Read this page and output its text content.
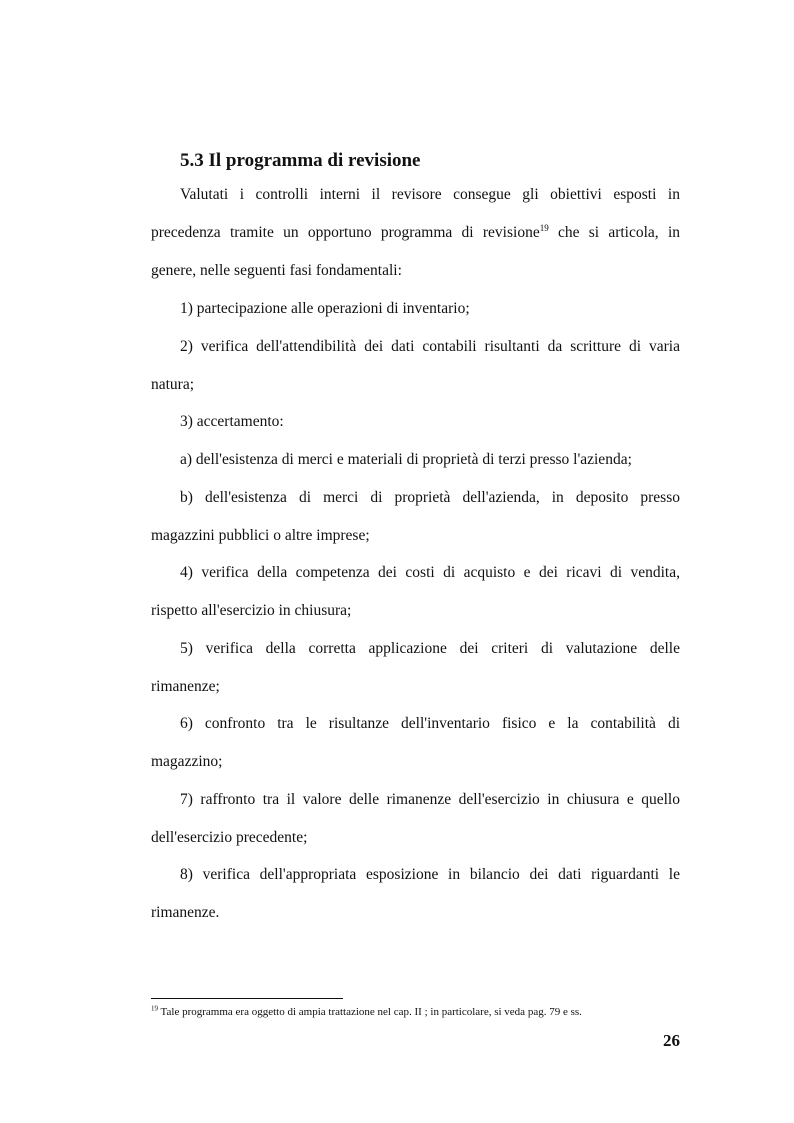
5.3 Il programma di revisione

Valutati i controlli interni il revisore consegue gli obiettivi esposti in

precedenza tramite un opportuno programma di revisione$^{19}$ che si articola, in

genere, nelle seguenti fasi fondamentali:

1) partecipazione alle operazioni di inventario;

2) verifica dell'attendibilità dei dati contabili risultanti da scritture di varia

natura;

3) accertamento:

a) dell'esistenza di merci e materiali di proprietà di terzi presso l'azienda;

b) dell'esistenza di merci di proprietà dell'azienda, in deposito presso

magazzini pubblici o altre imprese;

4) verifica della competenza dei costi di acquisto e dei ricavi di vendita,

rispetto all'esercizio in chiusura;

5) verifica della corretta applicazione dei criteri di valutazione delle

rimanenze;

6) confronto tra le risultanze dell'inventario fisico e la contabilità di

magazzino;

7) raffronto tra il valore delle rimanenze dell'esercizio in chiusura e quello

dell'esercizio precedente;

8) verifica dell'appropriata esposizione in bilancio dei dati riguardanti le

rimanenze.

$^{19}$ Tale programma era oggetto di ampia trattazione nel cap. II ; in particolare, si veda pag. 79 e ss.
26
